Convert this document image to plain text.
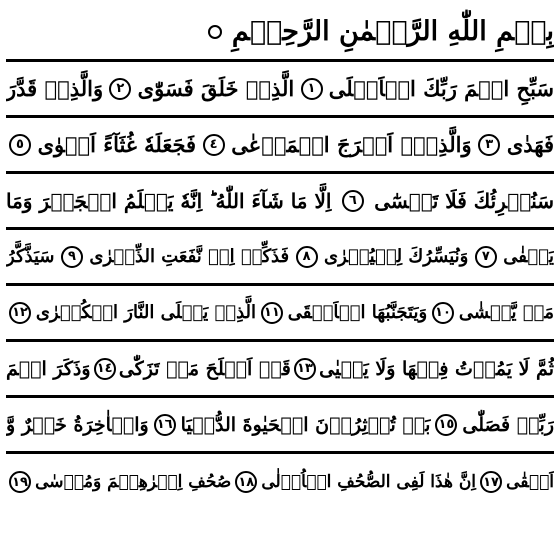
بِسۡمِ اللّٰهِ الرَّحۡمٰنِ الرَّحِيۡمِ
سَبِّحِ اسۡمَ رَبِّكَ الۡاَعۡلَى
١
الَّذِىۡ خَلَقَ فَسَوّٰى
٢
وَالَّذِىۡ قَدَّرَ
فَهَدٰى
٣
وَالَّذِىۡۤ اَخۡرَجَ الۡمَرۡعٰى
٤
فَجَعَلَهٗ غُثَآءً اَحۡوٰى
٥
سَنُقۡرِئُكَ فَلَا تَنۡسٰٓى
٦
اِلَّا مَا شَآءَ اللّٰهُ ؕ اِنَّهٗ يَعۡلَمُ الۡجَهۡرَ وَمَا
يَخۡفٰى
٧
وَنُيَسِّرُكَ لِلۡيُسۡرٰى
٨
فَذَكِّرۡ اِنۡ نَّفَعَتِ الذِّكۡرٰى
٩
سَيَذَّكَّرُ
مَنۡ يَّخۡشٰى
١٠
وَيَتَجَنَّبُهَا الۡاَشۡقَى
١١
الَّذِىۡ يَصۡلَى النَّارَ الۡكُبۡرٰى
١٢
ثُمَّ لَا يَمُوۡتُ فِيۡهَا وَلَا يَحۡيٰى
١٣
قَدۡ اَفۡلَحَ مَنۡ تَزَكّٰى
١٤
وَذَكَرَ اسۡمَ
رَبِّهٖ فَصَلّٰى
١٥
بَلۡ تُؤۡثِرُوۡنَ الۡحَيٰوةَ الدُّنۡيَا
١٦
وَالۡاٰخِرَةُ خَيۡرٌ وَّ
اَبۡقٰى
١٧
اِنَّ هٰذَا لَفِى الصُّحُفِ الۡاُوۡلٰى
١٨
صُحُفِ اِبۡرٰهِيۡمَ وَمُوۡسٰى
١٩
